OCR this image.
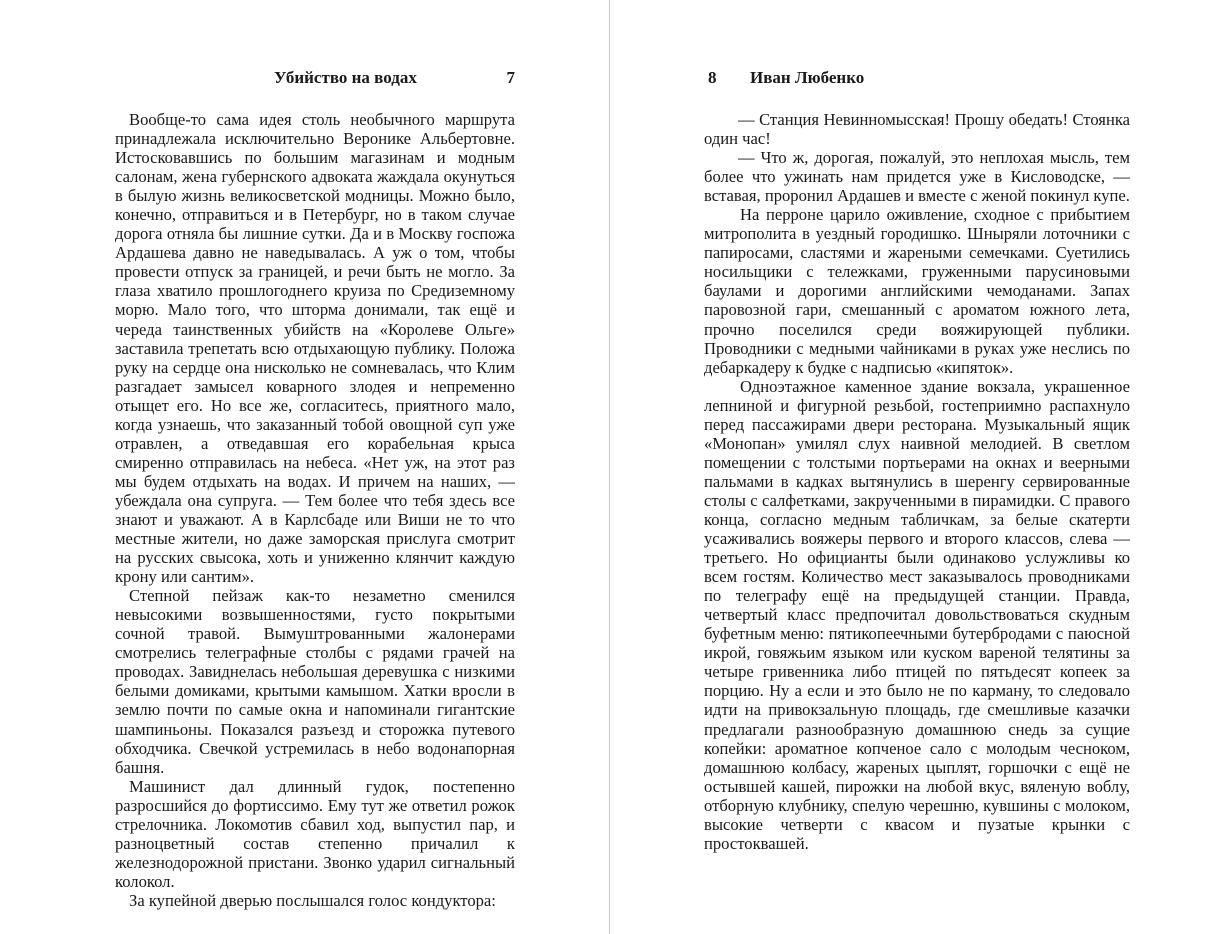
Убийство на водах	7

Вообще-то сама идея столь необычного маршрута принадлежала исключительно Веронике Альбертовне. Истосковавшись по большим магазинам и модным салонам, жена губернского адвоката жаждала окунуться в былую жизнь великосветской модницы. Можно было, конечно, отправиться и в Петербург, но в таком случае дорога отняла бы лишние сутки. Да и в Москву госпожа Ардашева давно не наведывалась. А уж о том, чтобы провести отпуск за границей, и речи быть не могло. За глаза хватило прошлогоднего круиза по Средиземному морю. Мало того, что шторма донимали, так ещё и череда таинственных убийств на «Королеве Ольге» заставила трепетать всю отдыхающую публику. Положа руку на сердце она нисколько не сомневалась, что Клим разгадает замысел коварного злодея и непременно отыщет его. Но все же, согласитесь, приятного мало, когда узнаешь, что заказанный тобой овощной суп уже отравлен, а отведавшая его корабельная крыса смиренно отправилась на небеса. «Нет уж, на этот раз мы будем отдыхать на водах. И причем на наших, — убеждала она супруга. — Тем более что тебя здесь все знают и уважают. А в Карлсбаде или Виши не то что местные жители, но даже заморская прислуга смотрит на русских свысока, хоть и униженно клянчит каждую крону или сантим».

Степной пейзаж как-то незаметно сменился невысокими возвышенностями, густо покрытыми сочной травой. Вымуштрованными жалонерами смотрелись телеграфные столбы с рядами грачей на проводах. Завиднелась небольшая деревушка с низкими белыми домиками, крытыми камышом. Хатки вросли в землю почти по самые окна и напоминали гигантские шампиньоны. Показался разъезд и сторожка путевого обходчика. Свечкой устремилась в небо водонапорная башня.

Машинист дал длинный гудок, постепенно разросшийся до фортиссимо. Ему тут же ответил рожок стрелочника. Локомотив сбавил ход, выпустил пар, и разноцветный состав степенно причалил к железнодорожной пристани. Звонко ударил сигнальный колокол.

За купейной дверью послышался голос кондуктора:

8 Иван Любенко

— Станция Невинномысская! Прошу обедать! Стоянка один час!

— Что ж, дорогая, пожалуй, это неплохая мысль, тем более что ужинать нам придется уже в Кисловодске, — вставая, проронил Ардашев и вместе с женой покинул купе.

На перроне царило оживление, сходное с прибытием митрополита в уездный городишко. Шныряли лоточники с папиросами, сластями и жареными семечками. Суетились носильщики с тележками, груженными парусиновыми баулами и дорогими английскими чемоданами. Запах паровозной гари, смешанный с ароматом южного лета, прочно поселился среди вояжирующей публики. Проводники с медными чайниками в руках уже неслись по дебаркадеру к будке с надписью «кипяток».

Одноэтажное каменное здание вокзала, украшенное лепниной и фигурной резьбой, гостеприимно распахнуло перед пассажирами двери ресторана. Музыкальный ящик «Монопан» умилял слух наивной мелодией. В светлом помещении с толстыми портьерами на окнах и веерными пальмами в кадках вытянулись в шеренгу сервированные столы с салфетками, закрученными в пирамидки. С правого конца, согласно медным табличкам, за белые скатерти усаживались вояжеры первого и второго классов, слева — третьего. Но официанты были одинаково услужливы ко всем гостям. Количество мест заказывалось проводниками по телеграфу ещё на предыдущей станции. Правда, четвертый класс предпочитал довольствоваться скудным буфетным меню: пятикопеечными бутербродами с паюсной икрой, говяжьим языком или куском вареной телятины за четыре гривенника либо птицей по пятьдесят копеек за порцию. Ну а если и это было не по карману, то следовало идти на привокзальную площадь, где смешливые казачки предлагали разнообразную домашнюю снедь за сущие копейки: ароматное копченое сало с молодым чесноком, домашнюю колбасу, жареных цыплят, горшочки с ещё не остывшей кашей, пирожки на любой вкус, вяленую воблу, отборную клубнику, спелую черешню, кувшины с молоком, высокие четверти с квасом и пузатые крынки с простоквашей.
